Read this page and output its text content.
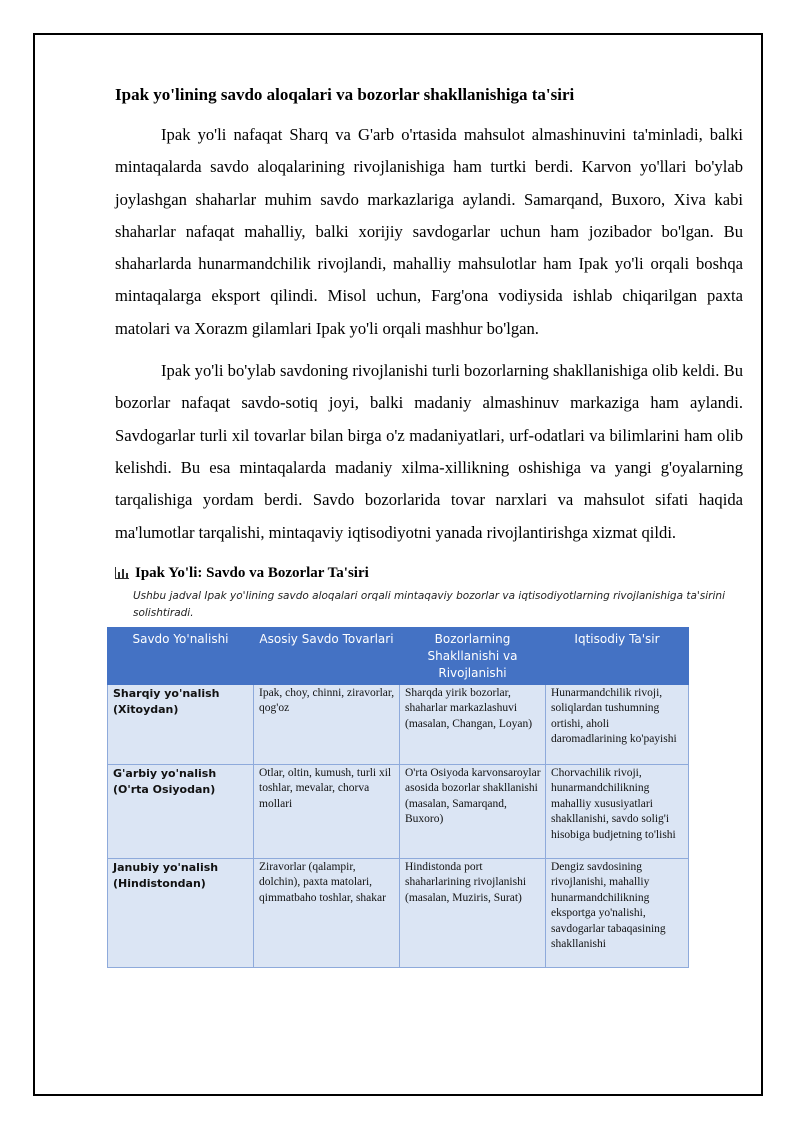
Ipak yo'lining savdo aloqalari va bozorlar shakllanishiga ta'siri

Ipak yo'li nafaqat Sharq va G'arb o'rtasida mahsulot almashinuvini ta'minladi, balki mintaqalarda savdo aloqalarining rivojlanishiga ham turtki berdi. Karvon yo'llari bo'ylab joylashgan shaharlar muhim savdo markazlariga aylandi. Samarqand, Buxoro, Xiva kabi shaharlar nafaqat mahalliy, balki xorijiy savdogarlar uchun ham jozibador bo'lgan. Bu shaharlarda hunarmandchilik rivojlandi, mahalliy mahsulotlar ham Ipak yo'li orqali boshqa mintaqalarga eksport qilindi. Misol uchun, Farg'ona vodiysida ishlab chiqarilgan paxta matolari va Xorazm gilamlari Ipak yo'li orqali mashhur bo'lgan.

Ipak yo'li bo'ylab savdoning rivojlanishi turli bozorlarning shakllanishiga olib keldi. Bu bozorlar nafaqat savdo-sotiq joyi, balki madaniy almashinuv markaziga ham aylandi. Savdogarlar turli xil tovarlar bilan birga o'z madaniyatlari, urf-odatlari va bilimlarini ham olib kelishdi. Bu esa mintaqalarda madaniy xilma-xillikning oshishiga va yangi g'oyalarning tarqalishiga yordam berdi. Savdo bozorlarida tovar narxlari va mahsulot sifati haqida ma'lumotlar tarqalishi, mintaqaviy iqtisodiyotni yanada rivojlantirishga xizmat qildi.

Ipak Yo'li: Savdo va Bozorlar Ta'siri
Ushbu jadval Ipak yo'lining savdo aloqalari orqali mintaqaviy bozorlar va iqtisodiyotlarning rivojlanishiga ta'sirini solishtiradi.
Savdo Yo'nalishi	Asosiy Savdo Tovarlari	Bozorlarning Shakllanishi va Rivojlanishi	Iqtisodiy Ta'sir
Sharqiy yo'nalish (Xitoydan)	Ipak, choy, chinni, ziravorlar, qog'oz	Sharqda yirik bozorlar, shaharlar markazlashuvi (masalan, Changan, Loyan)	Hunarmandchilik rivoji, soliqlardan tushumning ortishi, aholi daromadlarining ko'payishi
G'arbiy yo'nalish (O'rta Osiyodan)	Otlar, oltin, kumush, turli xil toshlar, mevalar, chorva mollari	O'rta Osiyoda karvonsaroylar asosida bozorlar shakllanishi (masalan, Samarqand, Buxoro)	Chorvachilik rivoji, hunarmandchilikning mahalliy xususiyatlari shakllanishi, savdo solig'i hisobiga budjetning to'lishi
Janubiy yo'nalish (Hindistondan)	Ziravorlar (qalampir, dolchin), paxta matolari, qimmatbaho toshlar, shakar	Hindistonda port shaharlarining rivojlanishi (masalan, Muziris, Surat)	Dengiz savdosining rivojlanishi, mahalliy hunarmandchilikning eksportga yo'nalishi, savdogarlar tabaqasining shakllanishi
